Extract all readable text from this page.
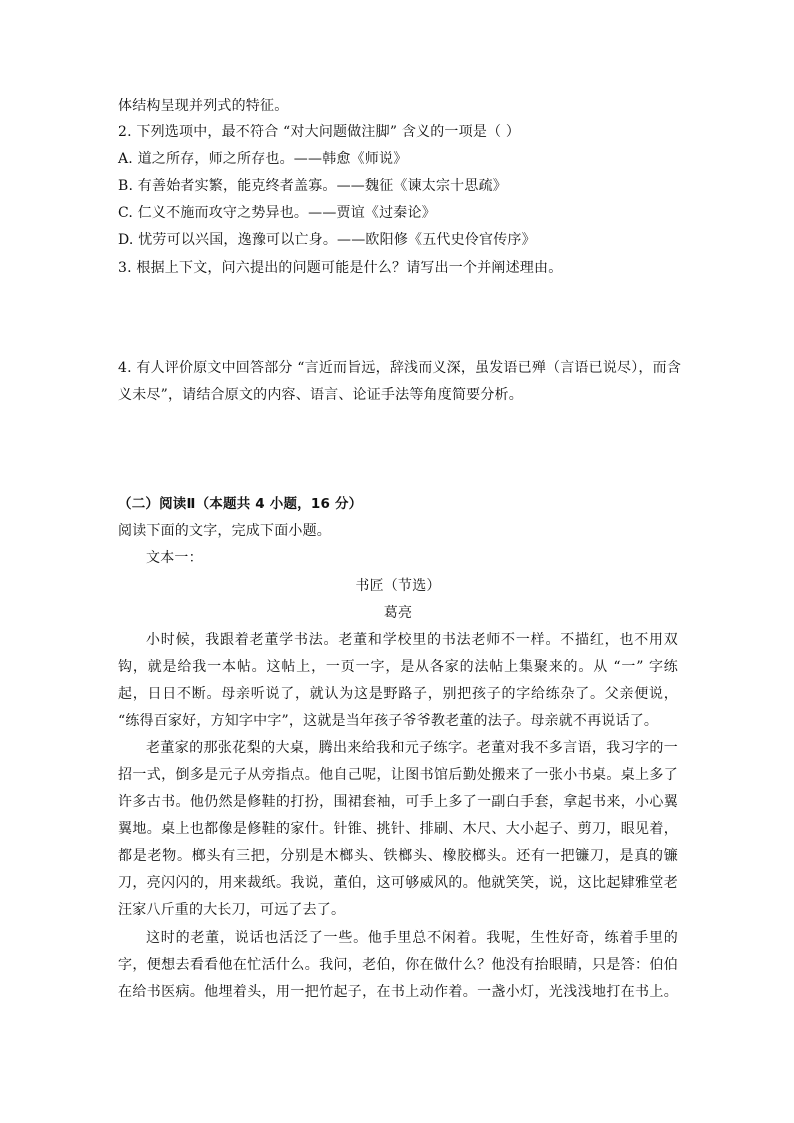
体结构呈现并列式的特征。
2. 下列选项中，最不符合 “对大问题做注脚” 含义的一项是（ ）
A. 道之所存，师之所存也。——韩愈《师说》
B. 有善始者实繁，能克终者盖寡。——魏征《谏太宗十思疏》
C. 仁义不施而攻守之势异也。——贾谊《过秦论》
D. 忧劳可以兴国，逸豫可以亡身。——欧阳修《五代史伶官传序》
3. 根据上下文，问六提出的问题可能是什么？请写出一个并阐述理由。
4. 有人评价原文中回答部分 “言近而旨远，辞浅而义深，虽发语已殚（言语已说尽），而含
义未尽”，请结合原文的内容、语言、论证手法等角度简要分析。
（二）阅读Ⅱ（本题共 4 小题，16 分）
阅读下面的文字，完成下面小题。
文本一：
书匠（节选）
葛亮
小时候，我跟着老董学书法。老董和学校里的书法老师不一样。不描红，也不用双
钩，就是给我一本帖。这帖上，一页一字，是从各家的法帖上集聚来的。从 “一” 字练
起，日日不断。母亲听说了，就认为这是野路子，别把孩子的字给练杂了。父亲便说，
“练得百家好，方知字中字”，这就是当年孩子爷爷教老董的法子。母亲就不再说话了。
老董家的那张花梨的大桌，腾出来给我和元子练字。老董对我不多言语，我习字的一
招一式，倒多是元子从旁指点。他自己呢，让图书馆后勤处搬来了一张小书桌。桌上多了
许多古书。他仍然是修鞋的打扮，围裙套袖，可手上多了一副白手套，拿起书来，小心翼
翼地。桌上也都像是修鞋的家什。针锥、挑针、排刷、木尺、大小起子、剪刀，眼见着，
都是老物。榔头有三把，分别是木榔头、铁榔头、橡胶榔头。还有一把镰刀，是真的镰
刀，亮闪闪的，用来裁纸。我说，董伯，这可够威风的。他就笑笑，说，这比起肄雅堂老
汪家八斤重的大长刀，可远了去了。
这时的老董，说话也活泛了一些。他手里总不闲着。我呢，生性好奇，练着手里的
字，便想去看看他在忙活什么。我问，老伯，你在做什么？他没有抬眼睛，只是答：伯伯
在给书医病。他埋着头，用一把竹起子，在书上动作着。一盏小灯，光浅浅地打在书上。
